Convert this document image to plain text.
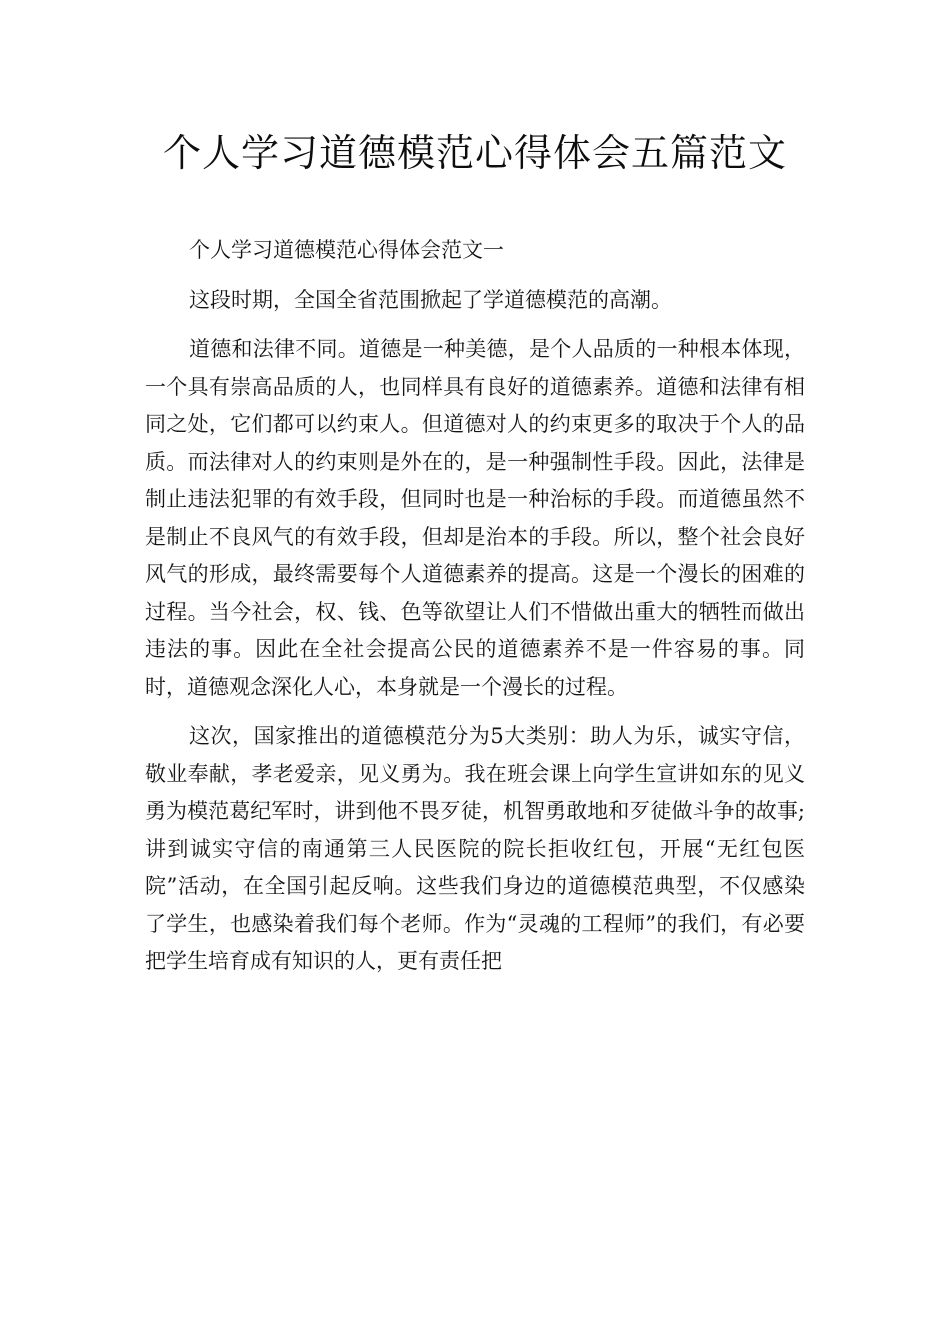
个人学习道德模范心得体会五篇范文

个人学习道德模范心得体会范文一

这段时期，全国全省范围掀起了学道德模范的高潮。

道德和法律不同。道德是一种美德，是个人品质的一种根本体现，一个具有崇高品质的人，也同样具有良好的道德素养。道德和法律有相同之处，它们都可以约束人。但道德对人的约束更多的取决于个人的品质。而法律对人的约束则是外在的，是一种强制性手段。因此，法律是制止违法犯罪的有效手段，但同时也是一种治标的手段。而道德虽然不是制止不良风气的有效手段，但却是治本的手段。所以，整个社会良好风气的形成，最终需要每个人道德素养的提高。这是一个漫长的困难的过程。当今社会，权、钱、色等欲望让人们不惜做出重大的牺牲而做出违法的事。因此在全社会提高公民的道德素养不是一件容易的事。同时，道德观念深化人心，本身就是一个漫长的过程。

这次，国家推出的道德模范分为5大类别：助人为乐，诚实守信，敬业奉献，孝老爱亲，见义勇为。我在班会课上向学生宣讲如东的见义勇为模范葛纪军时，讲到他不畏歹徒，机智勇敢地和歹徒做斗争的故事;讲到诚实守信的南通第三人民医院的院长拒收红包，开展“无红包医院”活动，在全国引起反响。这些我们身边的道德模范典型，不仅感染了学生，也感染着我们每个老师。作为“灵魂的工程师”的我们，有必要把学生培育成有知识的人，更有责任把
